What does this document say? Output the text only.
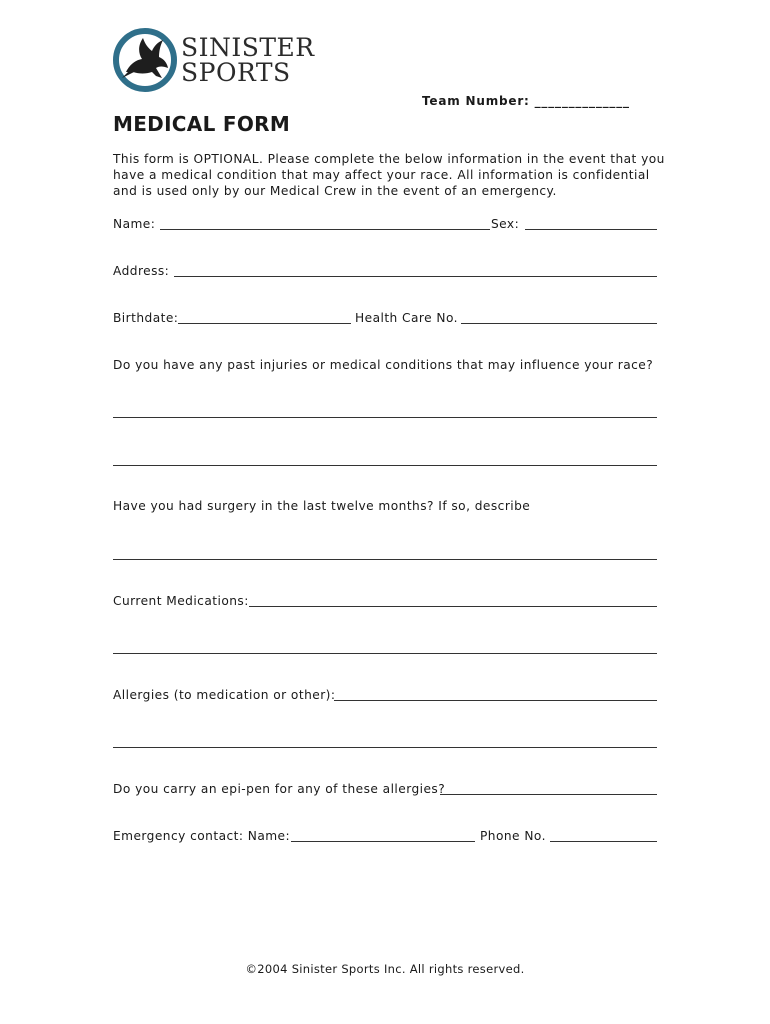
SINISTER
SPORTS
Team Number: ______________
MEDICAL FORM
This form is OPTIONAL. Please complete the below information in the event that you have a medical condition that may affect your race. All information is confidential and is used only by our Medical Crew in the event of an emergency.
Name:	Sex:
Address:
Birthdate:	Health Care No.
Do you have any past injuries or medical conditions that may influence your race?
Have you had surgery in the last twelve months? If so, describe
Current Medications:
Allergies (to medication or other):
Do you carry an epi-pen for any of these allergies?
Emergency contact: Name:	Phone No.
©2004 Sinister Sports Inc. All rights reserved.
